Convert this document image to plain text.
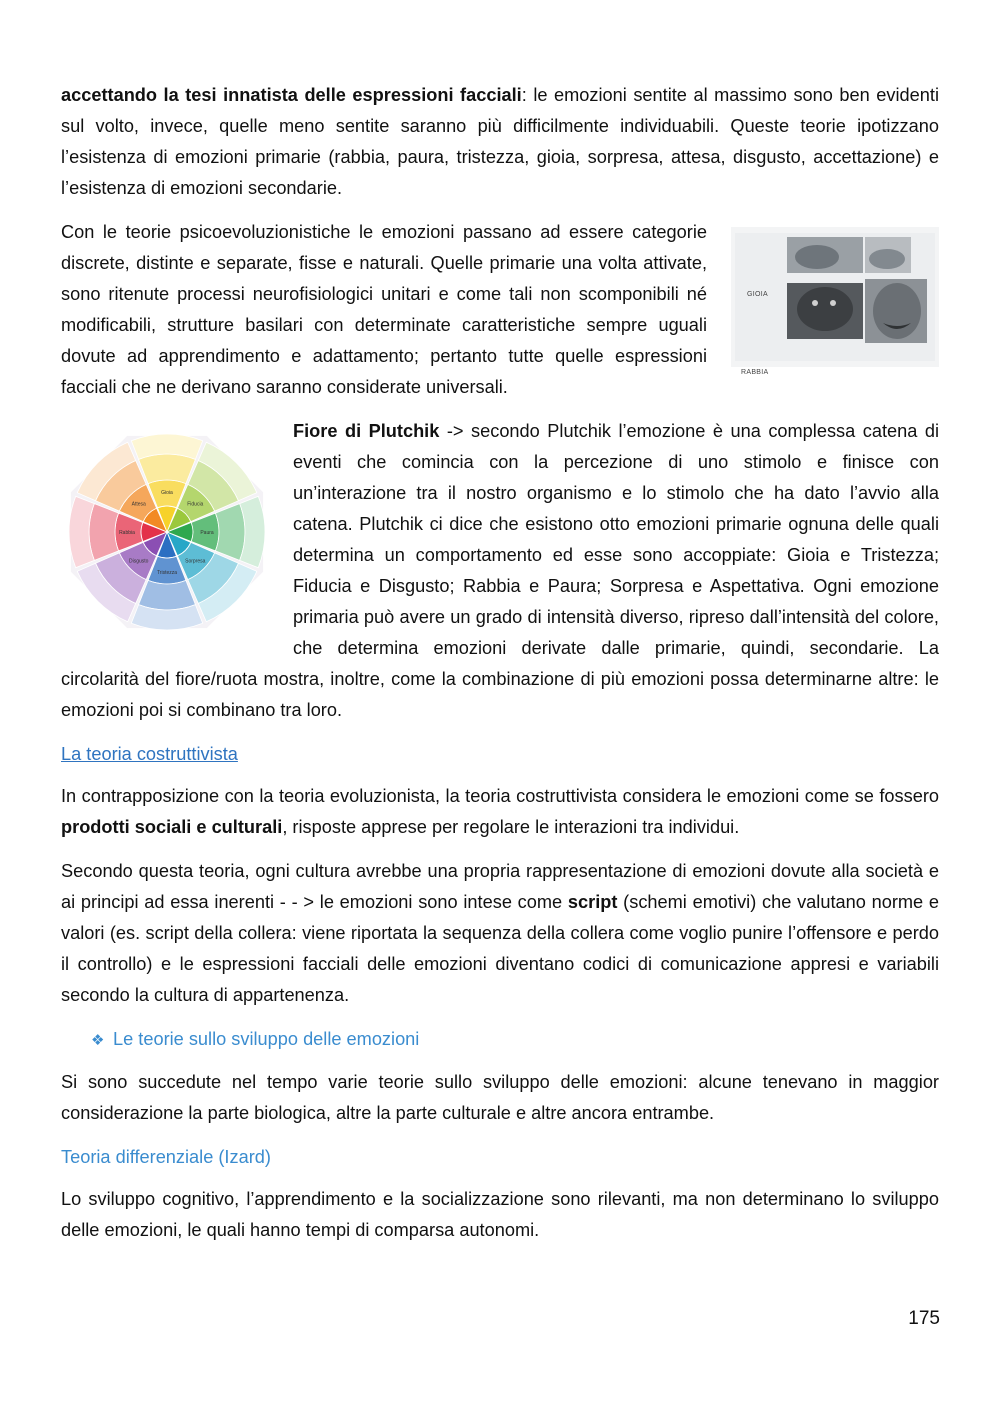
accettando la tesi innatista delle espressioni facciali: le emozioni sentite al massimo sono ben evidenti sul volto, invece, quelle meno sentite saranno più difficilmente individuabili. Queste teorie ipotizzano l’esistenza di emozioni primarie (rabbia, paura, tristezza, gioia, sorpresa, attesa, disgusto, accettazione) e l’esistenza di emozioni secondarie.

GIOIA
RABBIA
Con le teorie psicoevoluzionistiche le emozioni passano ad essere categorie discrete, distinte e separate, fisse e naturali. Quelle primarie una volta attivate, sono ritenute processi neurofisiologici unitari e come tali non scomponibili né modificabili, strutture basilari con determinate caratteristiche sempre uguali dovute ad apprendimento e adattamento; pertanto tutte quelle espressioni facciali che ne derivano saranno considerate universali.

Gioia
Fiducia
Paura
Sorpresa
Tristezza
Disgusto
Rabbia
Attesa
Fiore di Plutchik -> secondo Plutchik l’emozione è una complessa catena di eventi che comincia con la percezione di uno stimolo e finisce con un’interazione tra il nostro organismo e lo stimolo che ha dato l’avvio alla catena. Plutchik ci dice che esistono otto emozioni primarie ognuna delle quali determina un comportamento ed esse sono accoppiate: Gioia e Tristezza; Fiducia e Disgusto; Rabbia e Paura; Sorpresa e Aspettativa. Ogni emozione primaria può avere un grado di intensità diverso, ripreso dall’intensità del colore, che determina emozioni derivate dalle primarie, quindi, secondarie. La circolarità del fiore/ruota mostra, inoltre, come la combinazione di più emozioni possa determinarne altre: le emozioni poi si combinano tra loro.

La teoria costruttivista

In contrapposizione con la teoria evoluzionista, la teoria costruttivista considera le emozioni come se fossero prodotti sociali e culturali, risposte apprese per regolare le interazioni tra individui.

Secondo questa teoria, ogni cultura avrebbe una propria rappresentazione di emozioni dovute alla società e ai principi ad essa inerenti - - > le emozioni sono intese come script (schemi emotivi) che valutano norme e valori (es. script della collera: viene riportata la sequenza della collera come voglio punire l’offensore e perdo il controllo) e le espressioni facciali delle emozioni diventano codici di comunicazione appresi e variabili secondo la cultura di appartenenza.

❖ Le teorie sullo sviluppo delle emozioni

Si sono succedute nel tempo varie teorie sullo sviluppo delle emozioni: alcune tenevano in maggior considerazione la parte biologica, altre la parte culturale e altre ancora entrambe.

Teoria differenziale (Izard)

Lo sviluppo cognitivo, l’apprendimento e la socializzazione sono rilevanti, ma non determinano lo sviluppo delle emozioni, le quali hanno tempi di comparsa autonomi.

175
